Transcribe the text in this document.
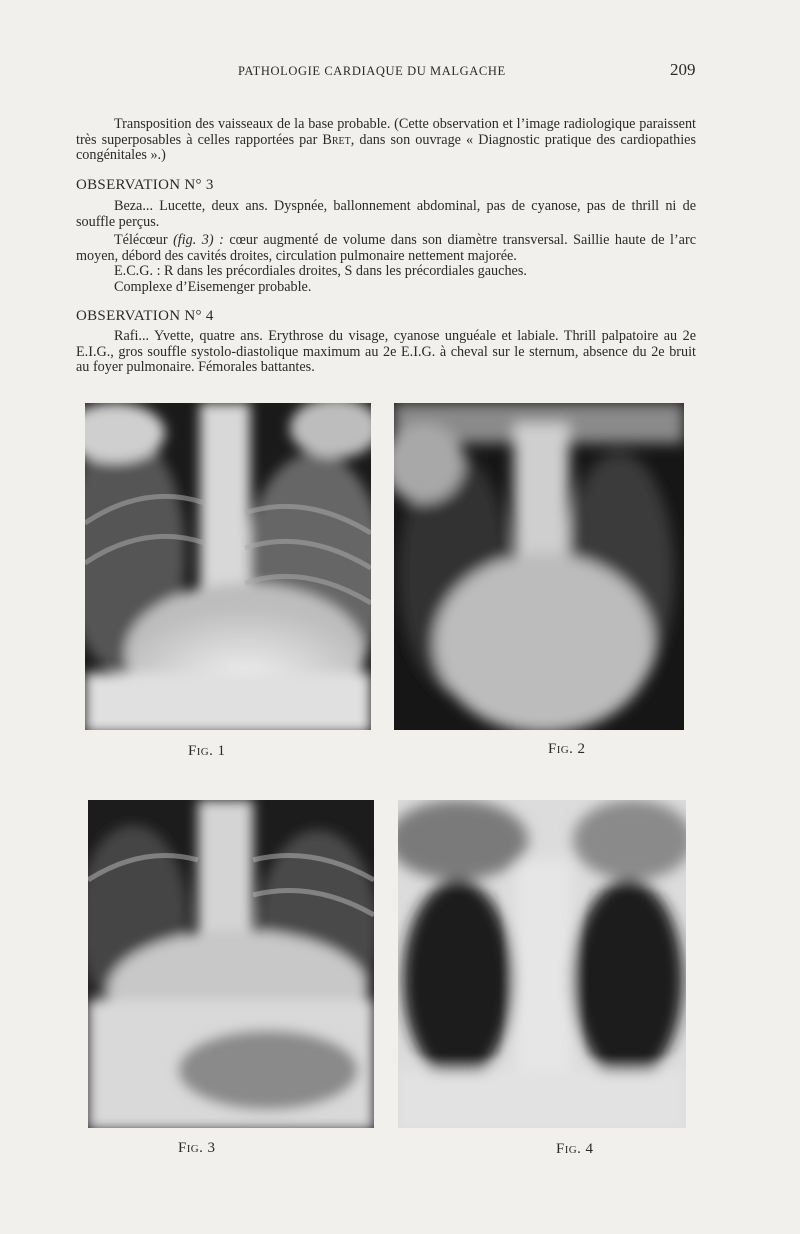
PATHOLOGIE CARDIAQUE DU MALGACHE	209

Transposition des vaisseaux de la base probable. (Cette observation et l’image radiologique paraissent très superposables à celles rapportées par Bret, dans son ouvrage « Diagnostic pratique des cardiopathies congénitales ».)

OBSERVATION N° 3

Beza... Lucette, deux ans. Dyspnée, ballonnement abdominal, pas de cyanose, pas de thrill ni de souffle perçus.

Télécœur (fig. 3) : cœur augmenté de volume dans son diamètre transversal. Saillie haute de l’arc moyen, débord des cavités droites, circulation pulmonaire nettement majorée.

E.C.G. : R dans les précordiales droites, S dans les précordiales gauches.

Complexe d’Eisemenger probable.

OBSERVATION N° 4

Rafi... Yvette, quatre ans. Erythrose du visage, cyanose unguéale et labiale. Thrill palpatoire au 2e E.I.G., gros souffle systolo-diastolique maximum au 2e E.I.G. à cheval sur le sternum, absence du 2e bruit au foyer pulmonaire. Fémorales battantes.

Fig. 1	Fig. 2
Fig. 3	Fig. 4
